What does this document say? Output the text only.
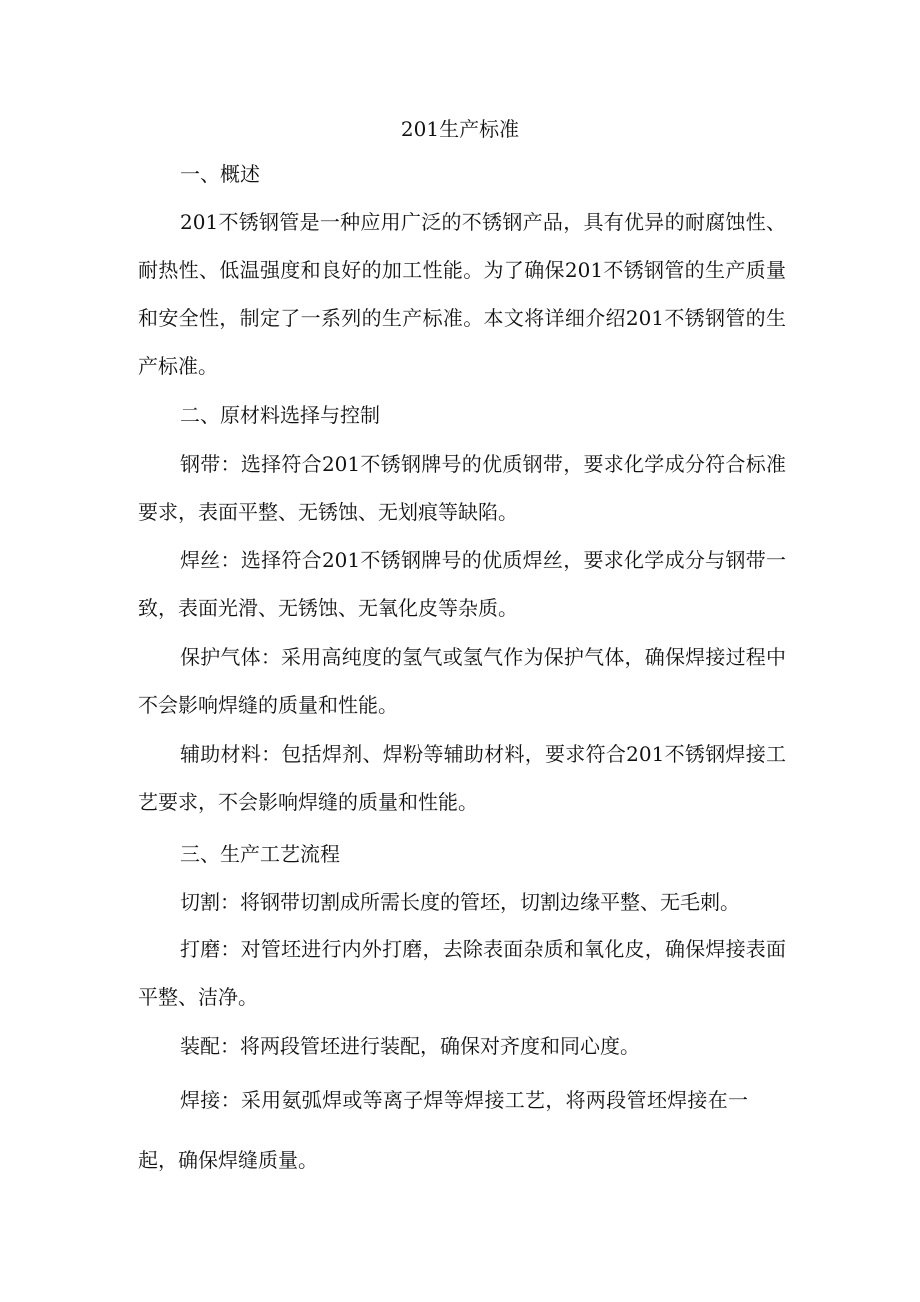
201生产标准
一、概述
201不锈钢管是一种应用广泛的不锈钢产品，具有优异的耐腐蚀性、耐热性、低温强度和良好的加工性能。为了确保201不锈钢管的生产质量和安全性，制定了一系列的生产标准。本文将详细介绍201不锈钢管的生产标准。
二、原材料选择与控制
钢带：选择符合201不锈钢牌号的优质钢带，要求化学成分符合标准要求，表面平整、无锈蚀、无划痕等缺陷。
焊丝：选择符合201不锈钢牌号的优质焊丝，要求化学成分与钢带一致，表面光滑、无锈蚀、无氧化皮等杂质。
保护气体：采用高纯度的氢气或氢气作为保护气体，确保焊接过程中不会影响焊缝的质量和性能。
辅助材料：包括焊剂、焊粉等辅助材料，要求符合201不锈钢焊接工艺要求，不会影响焊缝的质量和性能。
三、生产工艺流程
切割：将钢带切割成所需长度的管坯，切割边缘平整、无毛刺。
打磨：对管坯进行内外打磨，去除表面杂质和氧化皮，确保焊接表面平整、洁净。
装配：将两段管坯进行装配，确保对齐度和同心度。
焊接：采用氨弧焊或等离子焊等焊接工艺，将两段管坯焊接在一起，确保焊缝质量。
